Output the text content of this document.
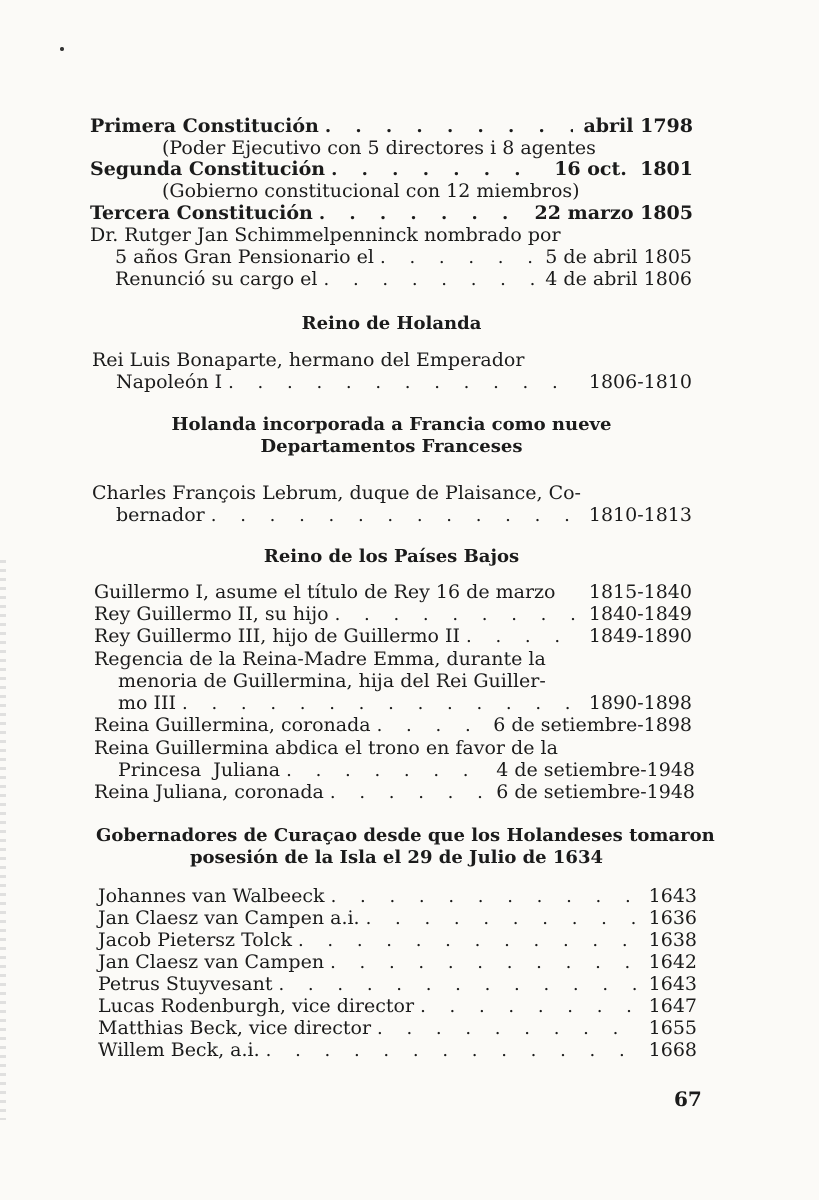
Primera Constitución . . .	abril 1798
(Poder Ejecutivo con 5 directores i 8 agentes
Segunda Constitución . . .	16 oct.  1801
(Gobierno constitucional con 12 miembros)
Tercera Constitución . . .	22 marzo 1805
Dr. Rutger Jan Schimmelpenninck nombrado por
5 años Gran Pensionario el . . .	5 de abril 1805
Renunció su cargo el . . .	4 de abril 1806
Reino de Holanda
Rei Luis Bonaparte, hermano del Emperador
Napoleón I . . .	1806-1810
Holanda incorporada a Francia como nueve
Departamentos Franceses
Charles François Lebrum, duque de Plaisance, Co-
bernador . . .	1810-1813
Reino de los Países Bajos
Guillermo I, asume el título de Rey 16 de marzo 1815-1840
Rey Guillermo II, su hijo . . .	1840-1849
Rey Guillermo III, hijo de Guillermo II . . .	1849-1890
Regencia de la Reina-Madre Emma, durante la
menoria de Guillermina, hija del Rei Guiller-
mo III . . .	1890-1898
Reina Guillermina, coronada . . .	6 de setiembre-1898
Reina Guillermina abdica el trono en favor de la
Princesa  Juliana . . .	4 de setiembre-1948
Reina Juliana, coronada . . .	6 de setiembre-1948
Gobernadores de Curaçao desde que los Holandeses tomaron
posesión de la Isla el 29 de Julio de 1634
Johannes van Walbeeck . . .	1643
Jan Claesz van Campen a.i. . . .	1636
Jacob Pietersz Tolck . . .	1638
Jan Claesz van Campen . . .	1642
Petrus Stuyvesant . . .	1643
Lucas Rodenburgh, vice director . . .	1647
Matthias Beck, vice director . . .	1655
Willem Beck, a.i. . . .	1668
67
